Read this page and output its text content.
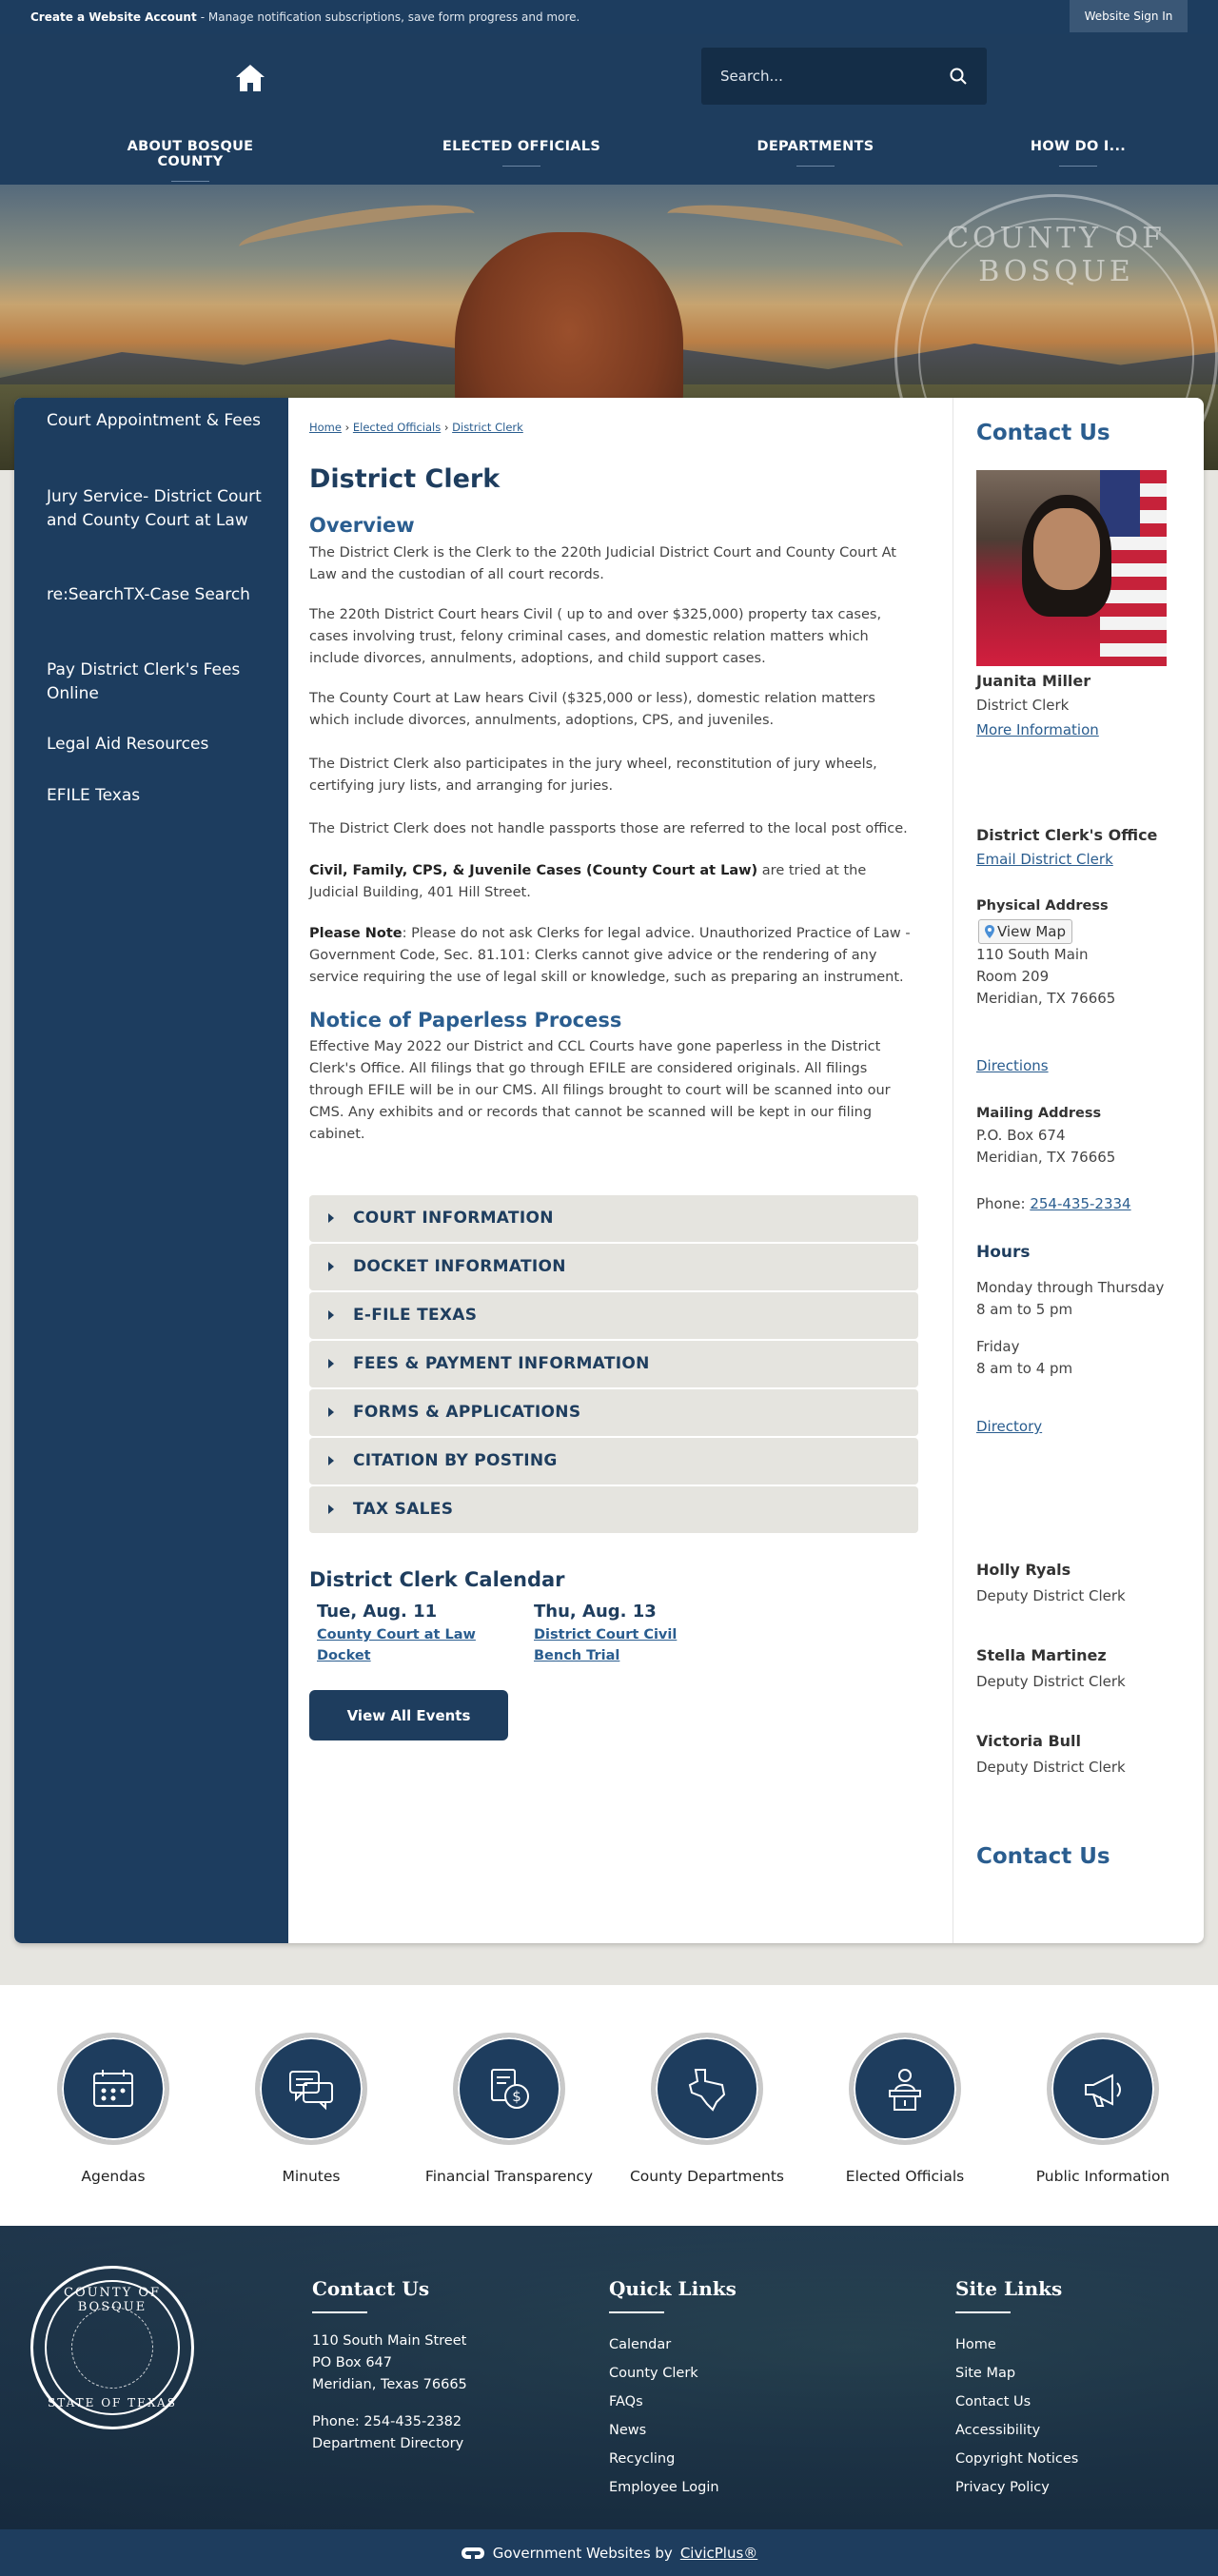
Create a Website Account - Manage notification subscriptions, save form progress and more.	Website Sign In
Search...
ABOUT BOSQUE COUNTY
ELECTED OFFICIALS	DEPARTMENTS	HOW DO I...
COUNTY OF BOSQUE
Court Appointment & Fees
Jury Service- District Court and County Court at Law
re:SearchTX-Case Search
Pay District Clerk's Fees Online
Legal Aid Resources
EFILE Texas
Home › Elected Officials › District Clerk
District Clerk
Overview

The District Clerk is the Clerk to the 220th Judicial District Court and County Court At Law and the custodian of all court records.

The 220th District Court hears Civil ( up to and over $325,000) property tax cases, cases involving trust, felony criminal cases, and domestic relation matters which include divorces, annulments, adoptions, and child support cases.

The County Court at Law hears Civil ($325,000 or less), domestic relation matters which include divorces, annulments, adoptions, CPS, and juveniles.

The District Clerk also participates in the jury wheel, reconstitution of jury wheels, certifying jury lists, and arranging for juries.

The District Clerk does not handle passports those are referred to the local post office.

Civil, Family, CPS, & Juvenile Cases (County Court at Law) are tried at the Judicial Building, 401 Hill Street.

Please Note: Please do not ask Clerks for legal advice. Unauthorized Practice of Law - Government Code, Sec. 81.101: Clerks cannot give advice or the rendering of any service requiring the use of legal skill or knowledge, such as preparing an instrument.

Notice of Paperless Process

Effective May 2022 our District and CCL Courts have gone paperless in the District Clerk's Office. All filings that go through EFILE are considered originals. All filings through EFILE will be in our CMS. All filings brought to court will be scanned into our CMS. Any exhibits and or records that cannot be scanned will be kept in our filing cabinet.

COURT INFORMATION
DOCKET INFORMATION
E-FILE TEXAS
FEES & PAYMENT INFORMATION
FORMS & APPLICATIONS
CITATION BY POSTING
TAX SALES
District Clerk Calendar
Tue, Aug. 11
County Court at Law
Docket
Thu, Aug. 13
District Court Civil
Bench Trial
View All Events
Contact Us
Juanita Miller
District Clerk
More Information
District Clerk's Office
Email District Clerk
Physical Address
View Map
110 South Main
Room 209
Meridian, TX 76665
Directions
Mailing Address
P.O. Box 674
Meridian, TX 76665
Phone: 254-435-2334
Hours
Monday through Thursday
8 am to 5 pm
Friday
8 am to 4 pm
Directory
Holly Ryals
Deputy District Clerk
Stella Martinez
Deputy District Clerk
Victoria Bull
Deputy District Clerk
Contact Us
Agendas	Minutes
$
Financial Transparency	County Departments	Elected Officials	Public Information
COUNTY OF BOSQUE
STATE OF TEXAS
Contact Us
110 South Main Street
PO Box 647
Meridian, Texas 76665
Phone: 254-435-2382
Department Directory
Quick Links
Calendar
County Clerk
FAQs
News
Recycling
Employee Login
Site Links
Home
Site Map
Contact Us
Accessibility
Copyright Notices
Privacy Policy
Government Websites by CivicPlus®
